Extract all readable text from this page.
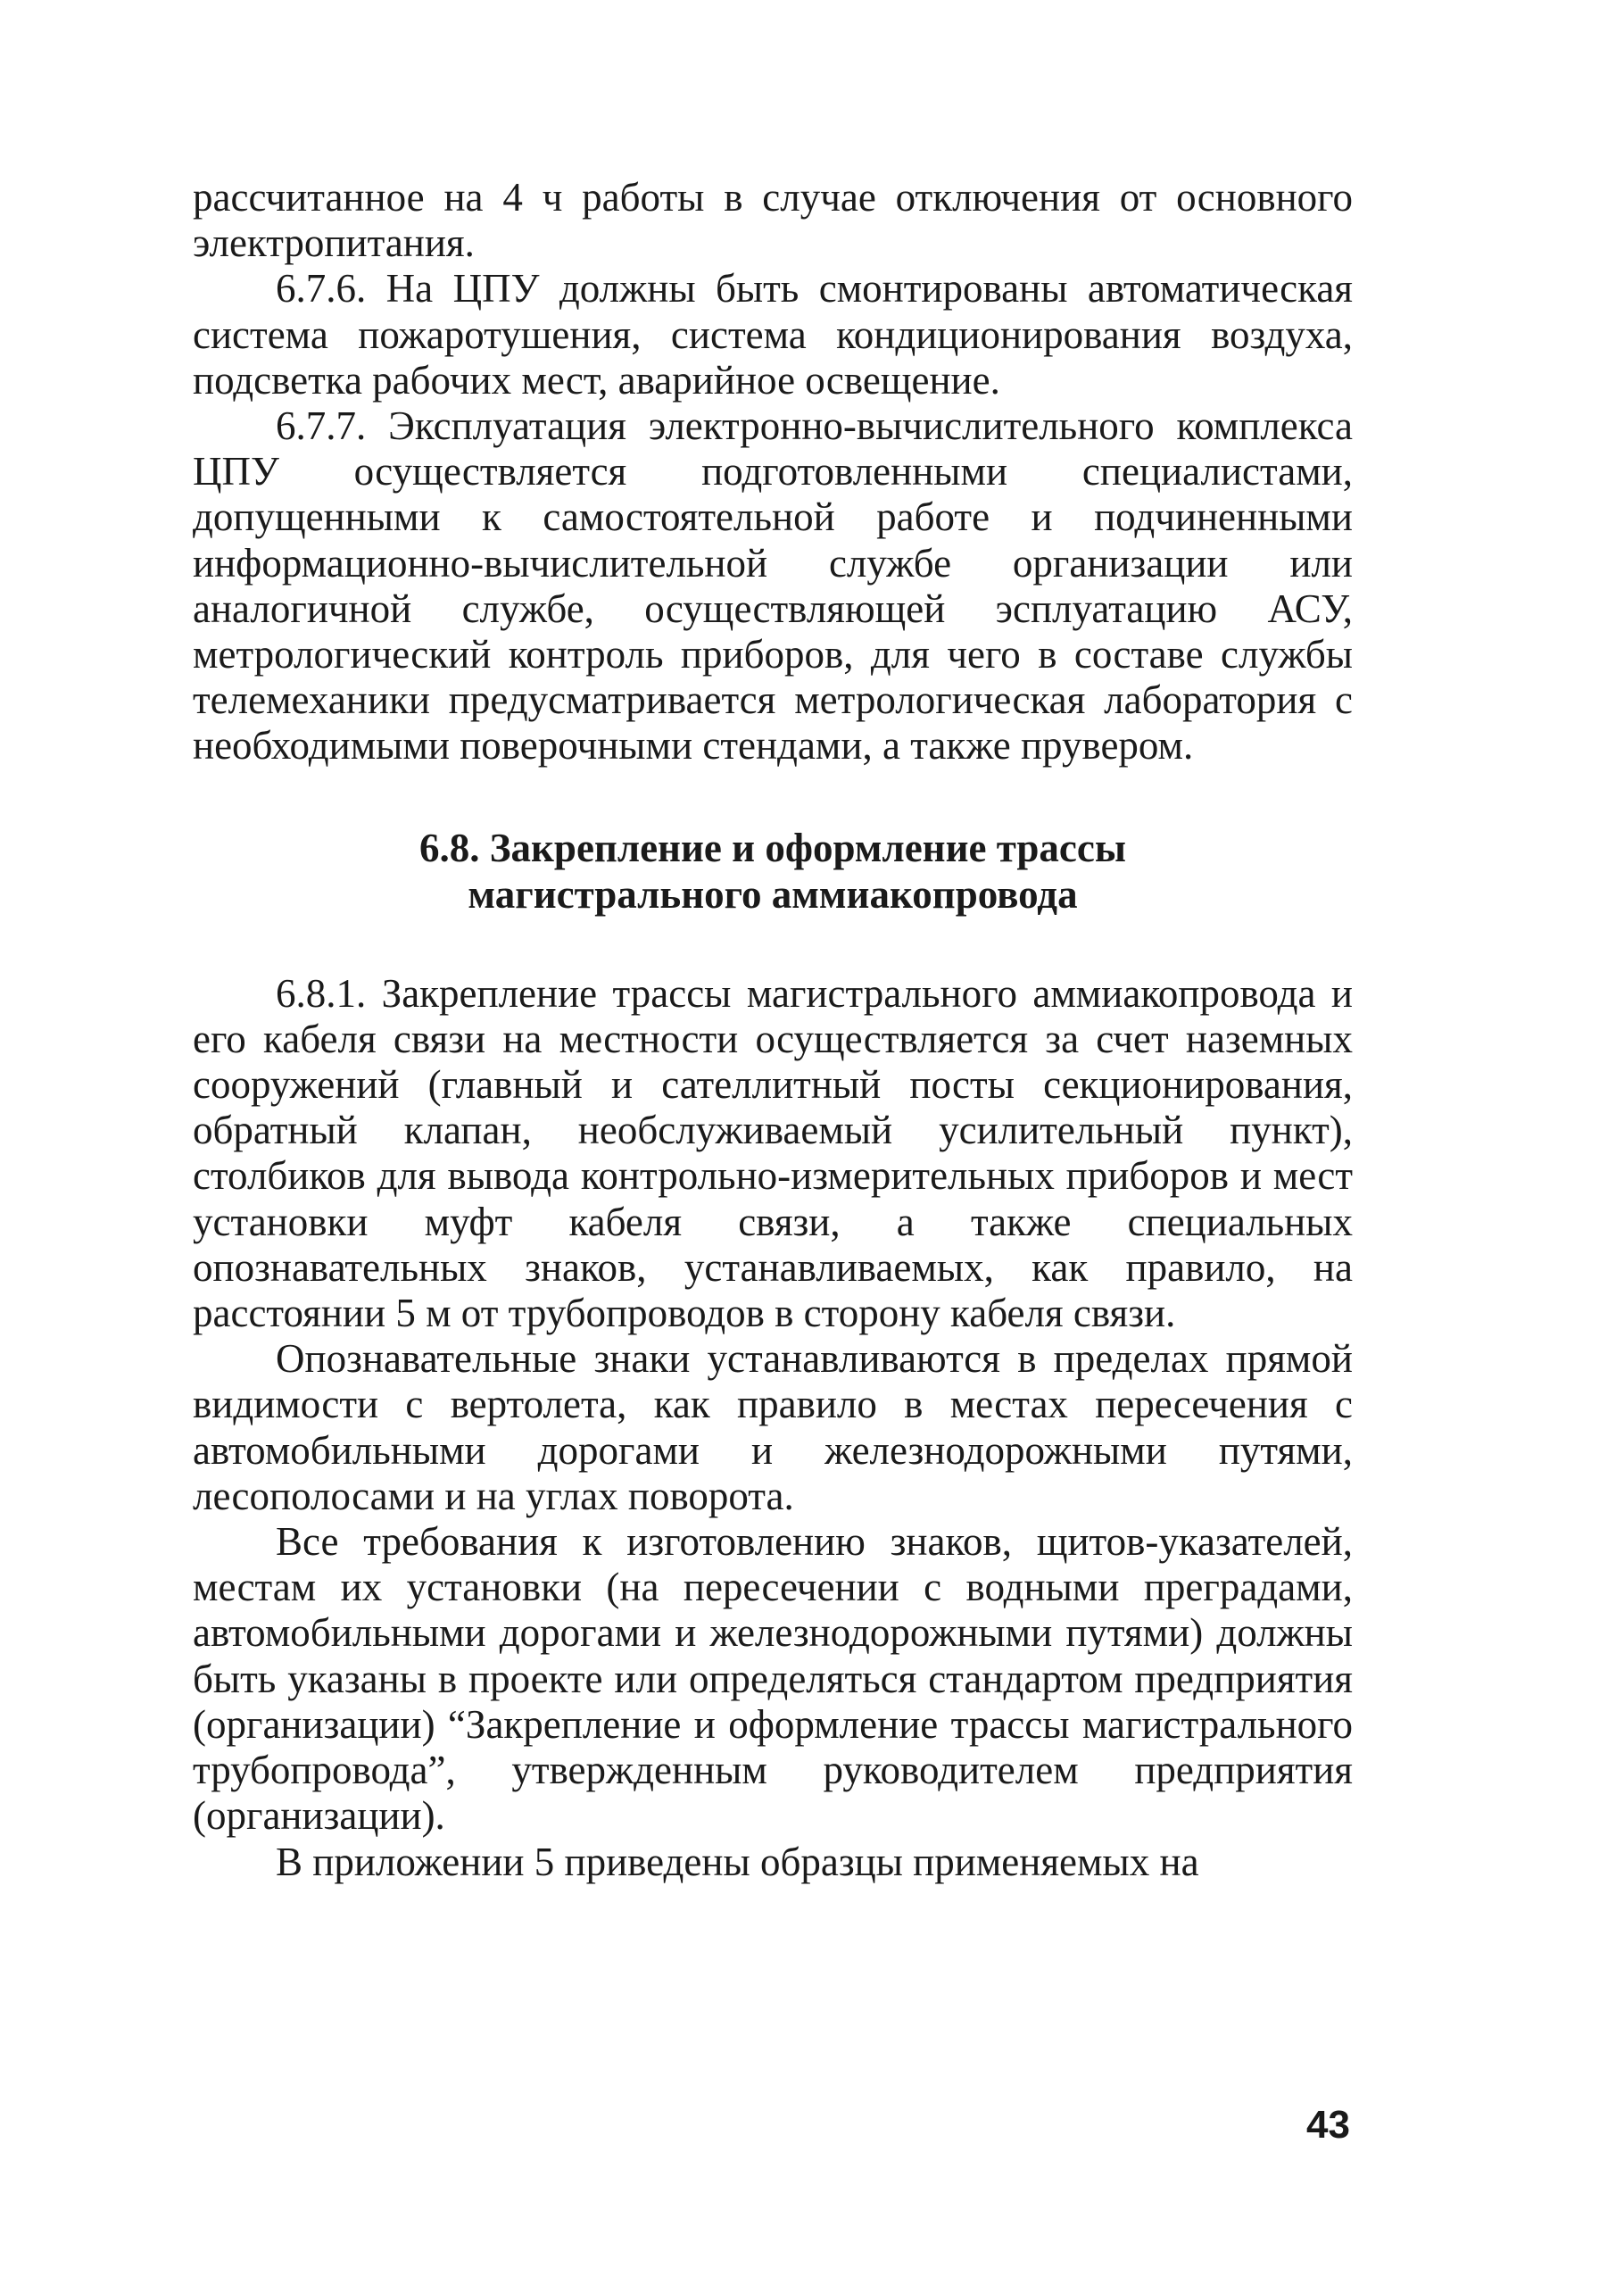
рассчитанное на 4 ч работы в случае отключения от основного электропитания.

6.7.6. На ЦПУ должны быть смонтированы автоматическая система пожаротушения, система кондиционирования воздуха, подсветка рабочих мест, аварийное освещение.

6.7.7. Эксплуатация электронно-вычислительного комплекса ЦПУ осуществляется подготовленными специалистами, допущенными к самостоятельной работе и подчиненными информационно-вычислительной службе организации или аналогичной службе, осуществляющей эсплуатацию АСУ, метрологический контроль приборов, для чего в составе службы телемеханики предусматривается метрологическая лаборатория с необходимыми поверочными стендами, а также прувером.

6.8. Закрепление и оформление трассы
магистрального аммиакопровода

6.8.1. Закрепление трассы магистрального аммиакопровода и его кабеля связи на местности осуществляется за счет наземных сооружений (главный и сателлитный посты секционирования, обратный клапан, необслуживаемый усилительный пункт), столбиков для вывода контрольно-измерительных приборов и мест установки муфт кабеля связи, а также специальных опознавательных знаков, устанавливаемых, как правило, на расстоянии 5 м от трубопроводов в сторону кабеля связи.

Опознавательные знаки устанавливаются в пределах прямой видимости с вертолета, как правило в местах пересечения с автомобильными дорогами и железнодорожными путями, лесополосами и на углах поворота.

Все требования к изготовлению знаков, щитов-указателей, местам их установки (на пересечении с водными преградами, автомобильными дорогами и железнодорожными путями) должны быть указаны в проекте или определяться стандартом предприятия (организации) “Закрепление и оформление трассы магистрального трубопровода”, утвержденным руководителем предприятия (организации).

В приложении 5 приведены образцы применяемых на

43
